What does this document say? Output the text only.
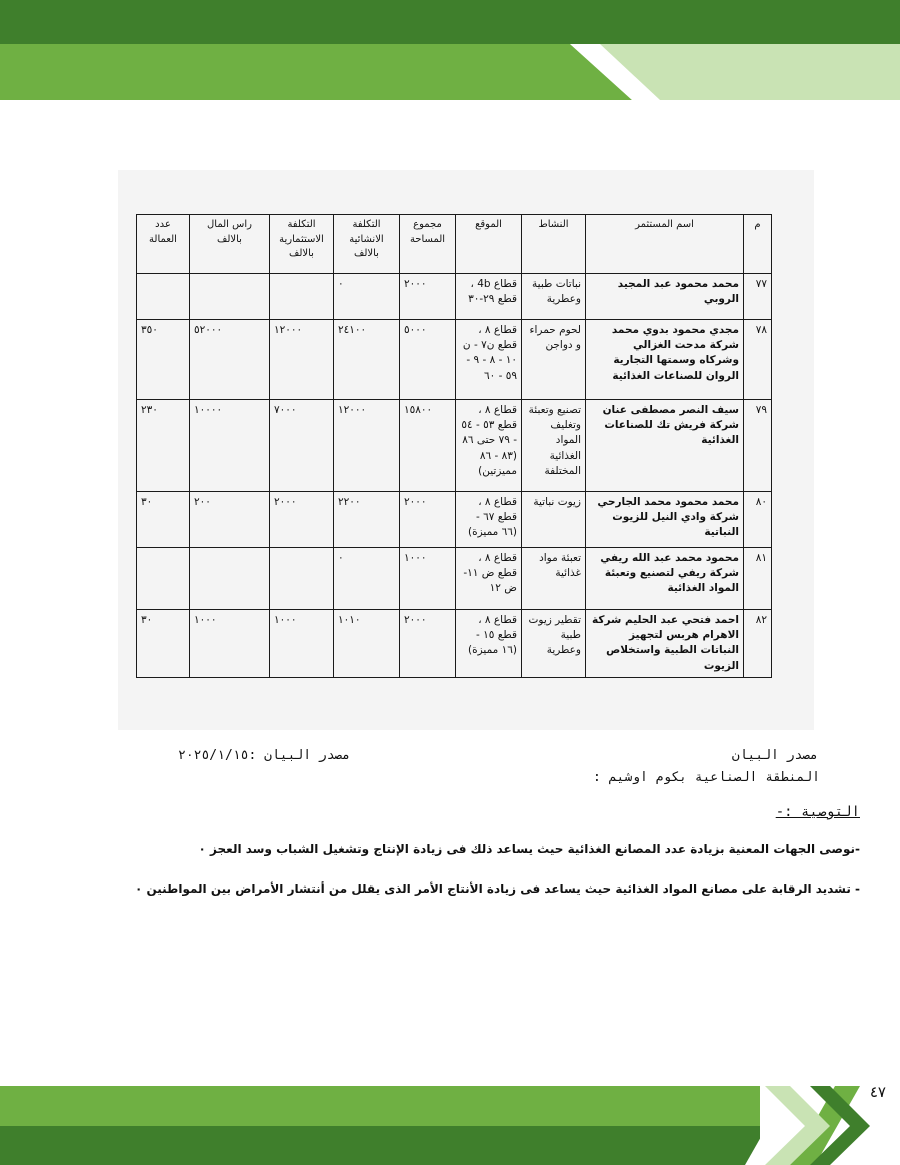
م	اسم المستثمر	النشاط	الموقع	مجموع المساحة	التكلفة الانشائية بالالف	التكلفة الاستثمارية بالالف	راس المال بالالف	عدد العمالة
٧٧	محمد محمود عبد المجيد الروبي	نباتات طبية وعطرية	قطاع 4b ، قطع ٢٩-٣٠	٢٠٠٠	٠			
٧٨	مجدي محمود بدوي محمد شركة مدحت الغزالي وشركاه وسمتها التجارية الروان للصناعات الغذائية	لحوم حمراء و دواجن	قطاع ٨ ، قطع ن٧ - ن ١٠ - ٨ - ٩ - ٥٩ - ٦٠	٥٠٠٠	٢٤١٠٠	١٢٠٠٠	٥٢٠٠٠	٣٥٠
٧٩	سيف النصر مصطفى عنان شركة فريش تك للصناعات الغذائية	تصنيع وتعبئة وتغليف المواد الغذائية المختلفة	قطاع ٨ ، قطع ٥٣ - ٥٤ - ٧٩ حتى ٨٦ (٨٣ - ٨٦ مميزتين)	١٥٨٠٠	١٢٠٠٠	٧٠٠٠	١٠٠٠٠	٢٣٠
٨٠	محمد محمود محمد الجارحي شركة وادي النيل للزيوت النباتية	زيوت نباتية	قطاع ٨ ، قطع ٦٧ - (٦٦ مميزة)	٢٠٠٠	٢٢٠٠	٢٠٠٠	٢٠٠	٣٠
٨١	محمود محمد عبد الله ريفي شركة ريفي لتصنيع وتعبئة المواد الغذائية	تعبئة مواد غذائية	قطاع ٨ ، قطع ض ١١- ض ١٢	١٠٠٠	٠			
٨٢	احمد فتحي عبد الحليم شركة الاهرام هربس لتجهيز النباتات الطبية واستخلاص الزيوت	تقطير زيوت طبية وعطرية	قطاع ٨ ، قطع ١٥ - (١٦ مميزة)	٢٠٠٠	١٠١٠	١٠٠٠	١٠٠٠	٣٠
مصدر البيان
مصدر البيان :٢٠٢٥/١/١٥
المنطقة الصناعية بكوم اوشيم :
التوصية :-
-نوصى الجهات المعنية بزيادة عدد المصانع الغذائية حيث يساعد ذلك فى زيادة الإنتاج وتشغيل الشباب وسد العجز ٠
- تشديد الرقابة على مصانع المواد الغذائية حيث يساعد فى زيادة الأنتاج الأمر الذى يقلل من أنتشار الأمراض بين المواطنين ٠
٤٧
